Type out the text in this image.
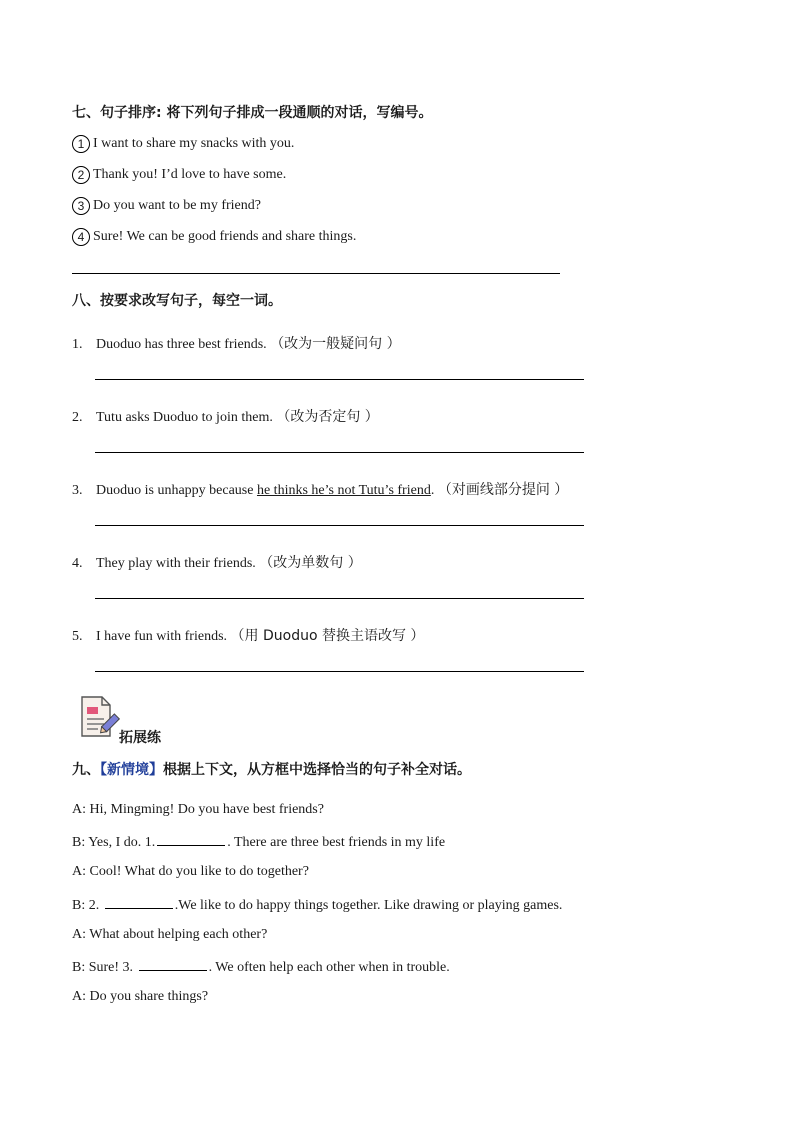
七、句子排序: 将下列句子排成一段通顺的对话，写编号。
1 I want to share my snacks with you.
2 Thank you! I’d love to have some.
3 Do you want to be my friend?
4 Sure! We can be good friends and share things.
八、按要求改写句子，每空一词。
1. Duoduo has three best friends. （改为一般疑问句 ）
2. Tutu asks Duoduo to join them. （改为否定句 ）
3. Duoduo is unhappy because he thinks he’s not Tutu’s friend. （对画线部分提问 ）
4. They play with their friends. （改为单数句 ）
5. I have fun with friends. （用 Duoduo 替换主语改写 ）
拓展练
九、【新情境】根据上下文，从方框中选择恰当的句子补全对话。
A: Hi, Mingming! Do you have best friends?
B: Yes, I do. 1.	. There are three best friends in my life
A: Cool! What do you like to do together?
B: 2.	.We like to do happy things together. Like drawing or playing games.
A: What about helping each other?
B: Sure! 3.	. We often help each other when in trouble.
A: Do you share things?
